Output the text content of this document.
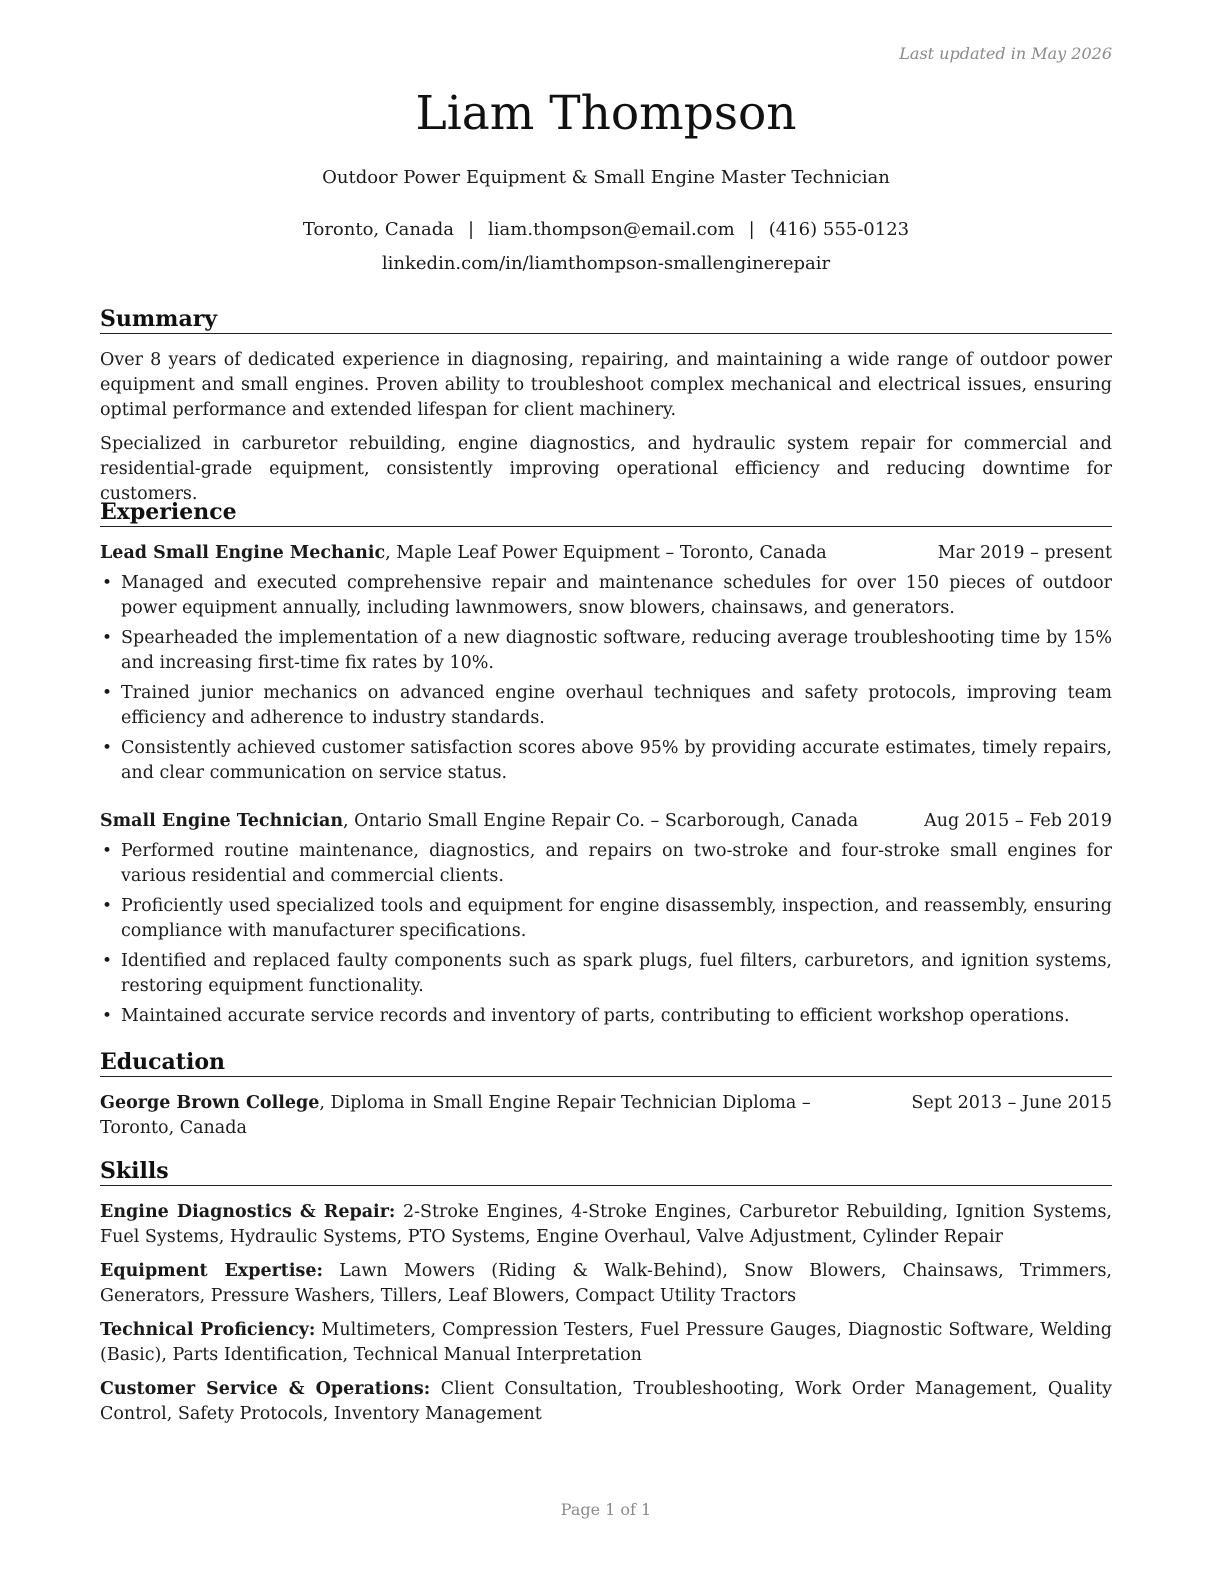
Last updated in May 2026
Liam Thompson
Outdoor Power Equipment & Small Engine Master Technician
Toronto, Canada | liam.thompson@email.com | (416) 555-0123
linkedin.com/in/liamthompson-smallenginerepair
Summary
Over 8 years of dedicated experience in diagnosing, repairing, and maintaining a wide range of outdoor power equipment and small engines. Proven ability to troubleshoot complex mechanical and electrical issues, ensuring optimal performance and extended lifespan for client machinery.
Specialized in carburetor rebuilding, engine diagnostics, and hydraulic system repair for commercial and residential-grade equipment, consistently improving operational efficiency and reducing downtime for customers.
Experience
Lead Small Engine Mechanic, Maple Leaf Power Equipment – Toronto, Canada	Mar 2019 – present
• Managed and executed comprehensive repair and maintenance schedules for over 150 pieces of outdoor power equipment annually, including lawnmowers, snow blowers, chainsaws, and generators.
• Spearheaded the implementation of a new diagnostic software, reducing average troubleshooting time by 15% and increasing first-time fix rates by 10%.
• Trained junior mechanics on advanced engine overhaul techniques and safety protocols, improving team efficiency and adherence to industry standards.
• Consistently achieved customer satisfaction scores above 95% by providing accurate estimates, timely repairs, and clear communication on service status.
Small Engine Technician, Ontario Small Engine Repair Co. – Scarborough, Canada	Aug 2015 – Feb 2019
• Performed routine maintenance, diagnostics, and repairs on two-stroke and four-stroke small engines for various residential and commercial clients.
• Proficiently used specialized tools and equipment for engine disassembly, inspection, and reassembly, ensuring compliance with manufacturer specifications.
• Identified and replaced faulty components such as spark plugs, fuel filters, carburetors, and ignition systems, restoring equipment functionality.
• Maintained accurate service records and inventory of parts, contributing to efficient workshop operations.
Education
George Brown College, Diploma in Small Engine Repair Technician Diploma – Toronto, Canada
Sept 2013 – June 2015
Skills
Engine Diagnostics & Repair: 2-Stroke Engines, 4-Stroke Engines, Carburetor Rebuilding, Ignition Systems, Fuel Systems, Hydraulic Systems, PTO Systems, Engine Overhaul, Valve Adjustment, Cylinder Repair
Equipment Expertise: Lawn Mowers (Riding & Walk-Behind), Snow Blowers, Chainsaws, Trimmers, Generators, Pressure Washers, Tillers, Leaf Blowers, Compact Utility Tractors
Technical Proficiency: Multimeters, Compression Testers, Fuel Pressure Gauges, Diagnostic Software, Welding (Basic), Parts Identification, Technical Manual Interpretation
Customer Service & Operations: Client Consultation, Troubleshooting, Work Order Management, Quality Control, Safety Protocols, Inventory Management
Page 1 of 1
